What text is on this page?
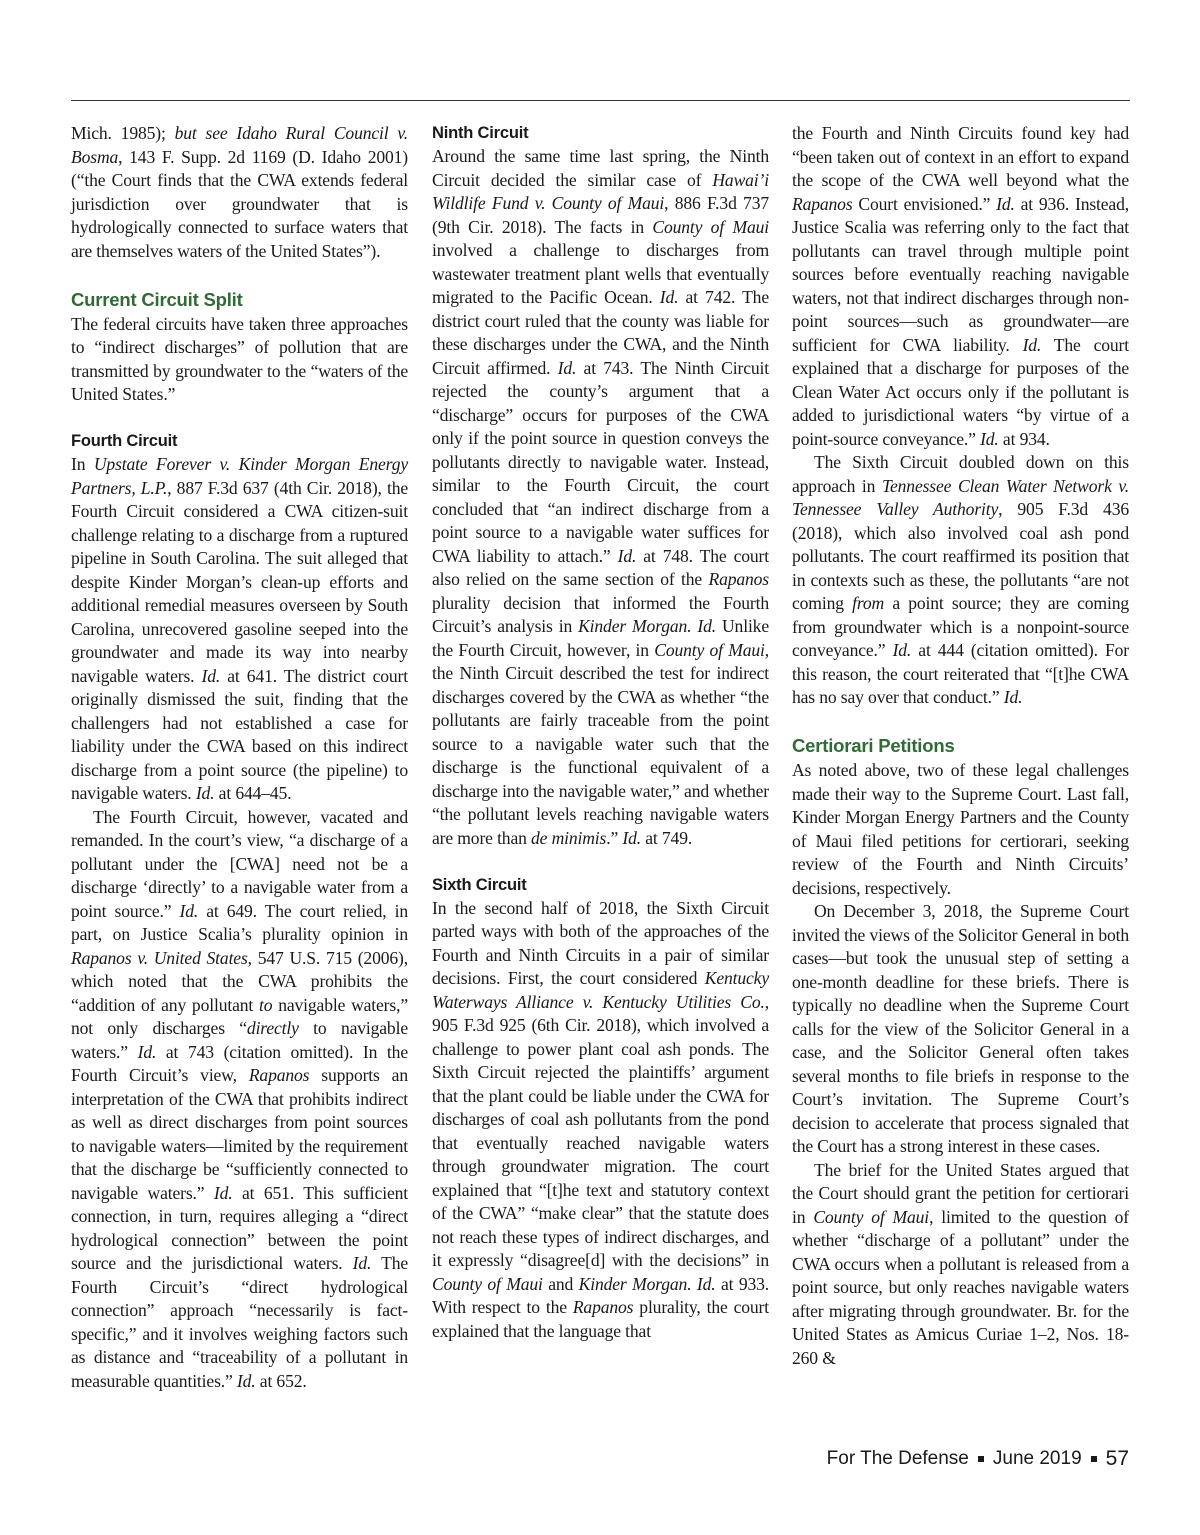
Mich. 1985); but see Idaho Rural Council v. Bosma, 143 F. Supp. 2d 1169 (D. Idaho 2001) (“the Court finds that the CWA extends federal jurisdiction over groundwater that is hydrologically connected to surface waters that are themselves waters of the United States”).

Current Circuit Split

The federal circuits have taken three approaches to “indirect discharges” of pollution that are transmitted by groundwater to the “waters of the United States.”

Fourth Circuit

In Upstate Forever v. Kinder Morgan Energy Partners, L.P., 887 F.3d 637 (4th Cir. 2018), the Fourth Circuit considered a CWA citizen-suit challenge relating to a discharge from a ruptured pipeline in South Carolina. The suit alleged that despite Kinder Morgan’s clean-up efforts and additional remedial measures overseen by South Carolina, unrecovered gasoline seeped into the groundwater and made its way into nearby navigable waters. Id. at 641. The district court originally dismissed the suit, finding that the challengers had not established a case for liability under the CWA based on this indirect discharge from a point source (the pipeline) to navigable waters. Id. at 644–45.

The Fourth Circuit, however, vacated and remanded. In the court’s view, “a discharge of a pollutant under the [CWA] need not be a discharge ‘directly’ to a navigable water from a point source.” Id. at 649. The court relied, in part, on Justice Scalia’s plurality opinion in Rapanos v. United States, 547 U.S. 715 (2006), which noted that the CWA prohibits the “addition of any pollutant to navigable waters,” not only discharges “directly to navigable waters.” Id. at 743 (citation omitted). In the Fourth Circuit’s view, Rapanos supports an interpretation of the CWA that prohibits indirect as well as direct discharges from point sources to navigable waters—limited by the requirement that the discharge be “sufficiently connected to navigable waters.” Id. at 651. This sufficient connection, in turn, requires alleging a “direct hydrological connection” between the point source and the jurisdictional waters. Id. The Fourth Circuit’s “direct hydrological connection” approach “necessarily is fact-specific,” and it involves weighing factors such as distance and “traceability of a pollutant in measurable quantities.” Id. at 652.

Ninth Circuit

Around the same time last spring, the Ninth Circuit decided the similar case of Hawai’i Wildlife Fund v. County of Maui, 886 F.3d 737 (9th Cir. 2018). The facts in County of Maui involved a challenge to discharges from wastewater treatment plant wells that eventually migrated to the Pacific Ocean. Id. at 742. The district court ruled that the county was liable for these discharges under the CWA, and the Ninth Circuit affirmed. Id. at 743. The Ninth Circuit rejected the county’s argument that a “discharge” occurs for purposes of the CWA only if the point source in question conveys the pollutants directly to navigable water. Instead, similar to the Fourth Circuit, the court concluded that “an indirect discharge from a point source to a navigable water suffices for CWA liability to attach.” Id. at 748. The court also relied on the same section of the Rapanos plurality decision that informed the Fourth Circuit’s analysis in Kinder Morgan. Id. Unlike the Fourth Circuit, however, in County of Maui, the Ninth Circuit described the test for indirect discharges covered by the CWA as whether “the pollutants are fairly traceable from the point source to a navigable water such that the discharge is the functional equivalent of a discharge into the navigable water,” and whether “the pollutant levels reaching navigable waters are more than de minimis.” Id. at 749.

Sixth Circuit

In the second half of 2018, the Sixth Circuit parted ways with both of the approaches of the Fourth and Ninth Circuits in a pair of similar decisions. First, the court considered Kentucky Waterways Alliance v. Kentucky Utilities Co., 905 F.3d 925 (6th Cir. 2018), which involved a challenge to power plant coal ash ponds. The Sixth Circuit rejected the plaintiffs’ argument that the plant could be liable under the CWA for discharges of coal ash pollutants from the pond that eventually reached navigable waters through groundwater migration. The court explained that “[t]he text and statutory context of the CWA” “make clear” that the statute does not reach these types of indirect discharges, and it expressly “disagree[d] with the decisions” in County of Maui and Kinder Morgan. Id. at 933. With respect to the Rapanos plurality, the court explained that the language that

the Fourth and Ninth Circuits found key had “been taken out of context in an effort to expand the scope of the CWA well beyond what the Rapanos Court envisioned.” Id. at 936. Instead, Justice Scalia was referring only to the fact that pollutants can travel through multiple point sources before eventually reaching navigable waters, not that indirect discharges through non-point sources—such as groundwater—are sufficient for CWA liability. Id. The court explained that a discharge for purposes of the Clean Water Act occurs only if the pollutant is added to jurisdictional waters “by virtue of a point-source conveyance.” Id. at 934.

The Sixth Circuit doubled down on this approach in Tennessee Clean Water Network v. Tennessee Valley Authority, 905 F.3d 436 (2018), which also involved coal ash pond pollutants. The court reaffirmed its position that in contexts such as these, the pollutants “are not coming from a point source; they are coming from groundwater which is a nonpoint-source conveyance.” Id. at 444 (citation omitted). For this reason, the court reiterated that “[t]he CWA has no say over that conduct.” Id.

Certiorari Petitions

As noted above, two of these legal challenges made their way to the Supreme Court. Last fall, Kinder Morgan Energy Partners and the County of Maui filed petitions for certiorari, seeking review of the Fourth and Ninth Circuits’ decisions, respectively.

On December 3, 2018, the Supreme Court invited the views of the Solicitor General in both cases—but took the unusual step of setting a one-month deadline for these briefs. There is typically no deadline when the Supreme Court calls for the view of the Solicitor General in a case, and the Solicitor General often takes several months to file briefs in response to the Court’s invitation. The Supreme Court’s decision to accelerate that process signaled that the Court has a strong interest in these cases.

The brief for the United States argued that the Court should grant the petition for certiorari in County of Maui, limited to the question of whether “discharge of a pollutant” under the CWA occurs when a pollutant is released from a point source, but only reaches navigable waters after migrating through groundwater. Br. for the United States as Amicus Curiae 1–2, Nos. 18-260 &

For The Defense June 2019 57
